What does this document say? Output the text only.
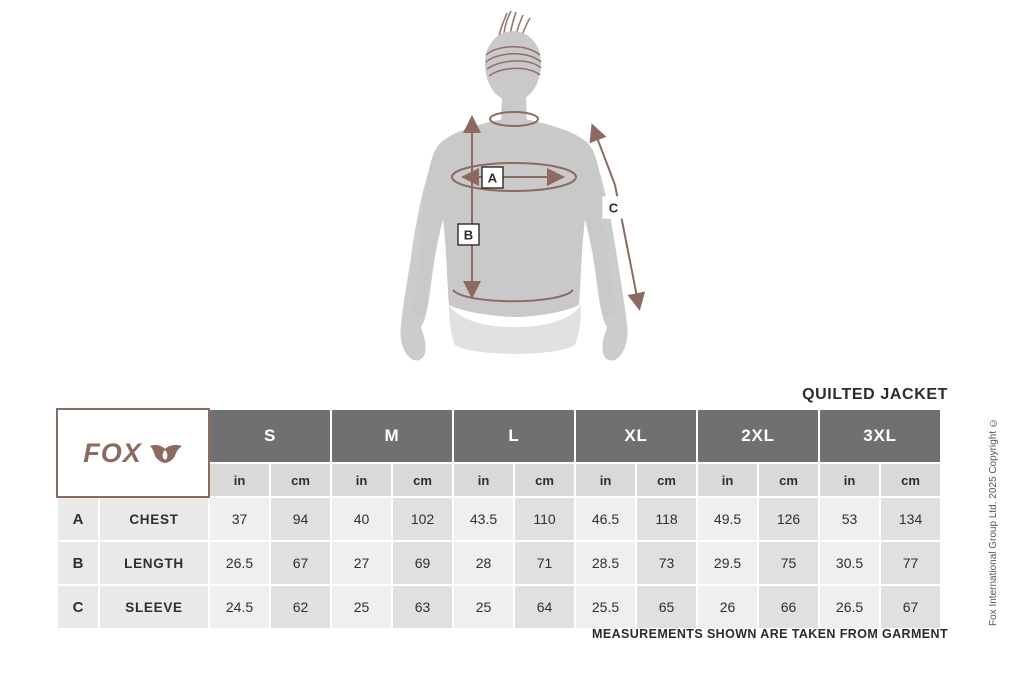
A
B
C
QUILTED JACKET
FOX		S		M		L		XL		2XL		3XL	
		in	cm	in	cm	in	cm	in	cm	in	cm	in	cm
A	CHEST	37	94	40	102	43.5	110	46.5	118	49.5	126	53	134
B	LENGTH	26.5	67	27	69	28	71	28.5	73	29.5	75	30.5	77
C	SLEEVE	24.5	62	25	63	25	64	25.5	65	26	66	26.5	67
MEASUREMENTS SHOWN ARE TAKEN FROM GARMENT
Fox International Group Ltd. 2025 Copyright ©
